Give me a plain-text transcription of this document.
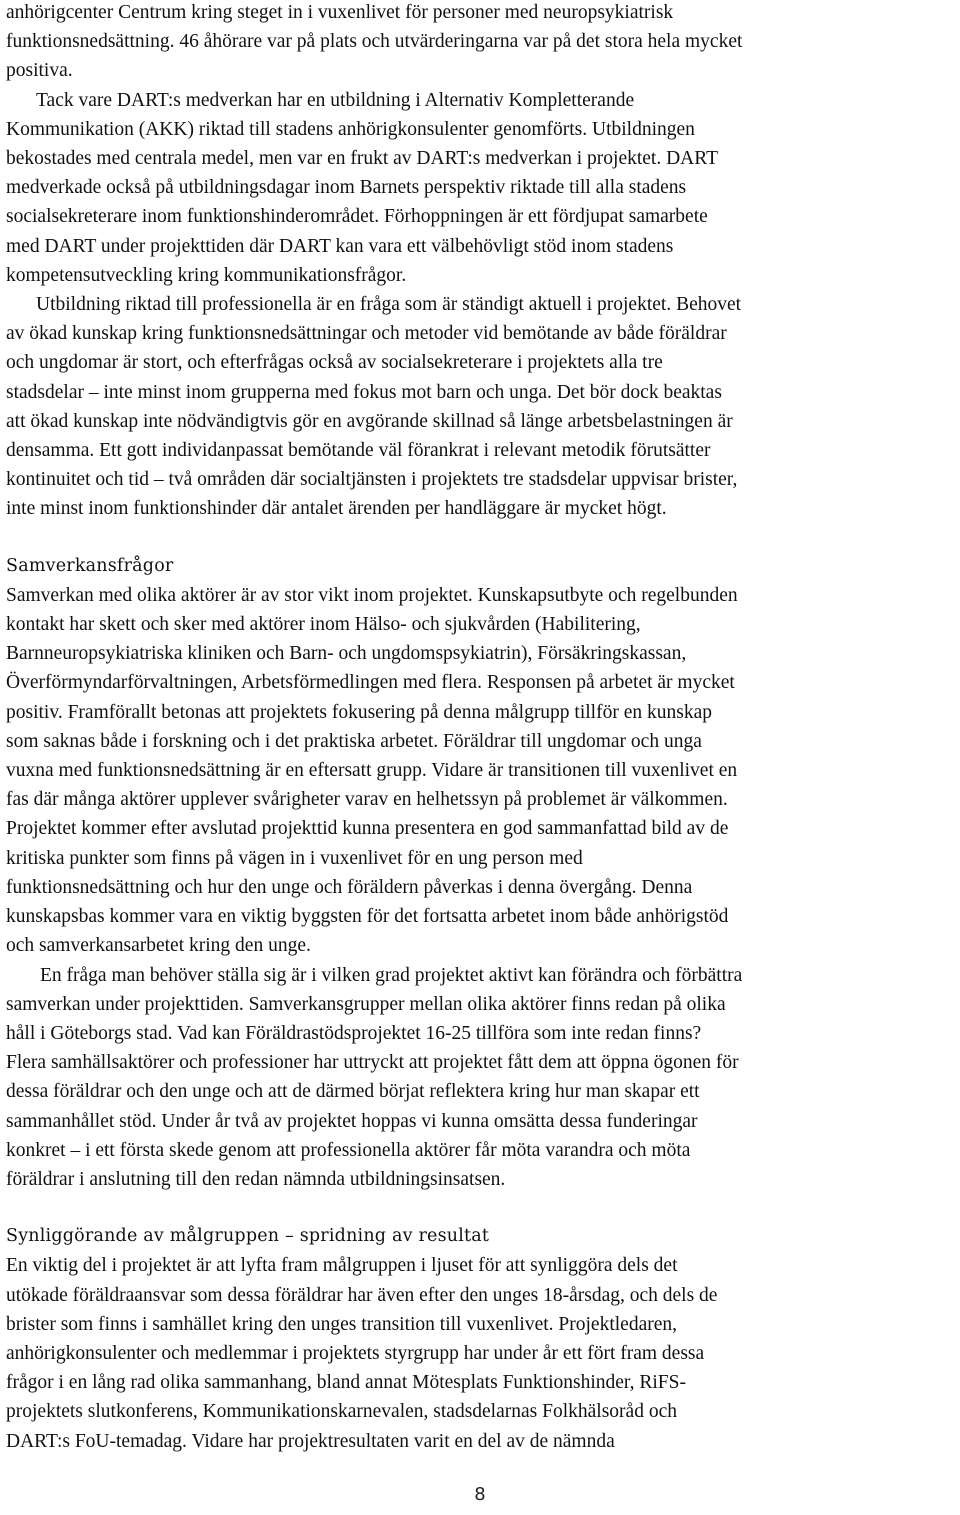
anhörigcenter Centrum kring steget in i vuxenlivet för personer med neuropsykiatrisk
funktionsnedsättning. 46 åhörare var på plats och utvärderingarna var på det stora hela mycket
positiva.

Tack vare DART:s medverkan har en utbildning i Alternativ Kompletterande
Kommunikation (AKK) riktad till stadens anhörigkonsulenter genomförts. Utbildningen
bekostades med centrala medel, men var en frukt av DART:s medverkan i projektet. DART
medverkade också på utbildningsdagar inom Barnets perspektiv riktade till alla stadens
socialsekreterare inom funktionshinderområdet. Förhoppningen är ett fördjupat samarbete
med DART under projekttiden där DART kan vara ett välbehövligt stöd inom stadens
kompetensutveckling kring kommunikationsfrågor.

Utbildning riktad till professionella är en fråga som är ständigt aktuell i projektet. Behovet
av ökad kunskap kring funktionsnedsättningar och metoder vid bemötande av både föräldrar
och ungdomar är stort, och efterfrågas också av socialsekreterare i projektets alla tre
stadsdelar – inte minst inom grupperna med fokus mot barn och unga. Det bör dock beaktas
att ökad kunskap inte nödvändigtvis gör en avgörande skillnad så länge arbetsbelastningen är
densamma. Ett gott individanpassat bemötande väl förankrat i relevant metodik förutsätter
kontinuitet och tid – två områden där socialtjänsten i projektets tre stadsdelar uppvisar brister,
inte minst inom funktionshinder där antalet ärenden per handläggare är mycket högt.

Samverkansfrågor

Samverkan med olika aktörer är av stor vikt inom projektet. Kunskapsutbyte och regelbunden
kontakt har skett och sker med aktörer inom Hälso- och sjukvården (Habilitering,
Barnneuropsykiatriska kliniken och Barn- och ungdomspsykiatrin), Försäkringskassan,
Överförmyndarförvaltningen, Arbetsförmedlingen med flera. Responsen på arbetet är mycket
positiv. Framförallt betonas att projektets fokusering på denna målgrupp tillför en kunskap
som saknas både i forskning och i det praktiska arbetet. Föräldrar till ungdomar och unga
vuxna med funktionsnedsättning är en eftersatt grupp. Vidare är transitionen till vuxenlivet en
fas där många aktörer upplever svårigheter varav en helhetssyn på problemet är välkommen.
Projektet kommer efter avslutad projekttid kunna presentera en god sammanfattad bild av de
kritiska punkter som finns på vägen in i vuxenlivet för en ung person med
funktionsnedsättning och hur den unge och föräldern påverkas i denna övergång. Denna
kunskapsbas kommer vara en viktig byggsten för det fortsatta arbetet inom både anhörigstöd
och samverkansarbetet kring den unge.

En fråga man behöver ställa sig är i vilken grad projektet aktivt kan förändra och förbättra
samverkan under projekttiden. Samverkansgrupper mellan olika aktörer finns redan på olika
håll i Göteborgs stad. Vad kan Föräldrastödsprojektet 16-25 tillföra som inte redan finns?
Flera samhällsaktörer och professioner har uttryckt att projektet fått dem att öppna ögonen för
dessa föräldrar och den unge och att de därmed börjat reflektera kring hur man skapar ett
sammanhållet stöd. Under år två av projektet hoppas vi kunna omsätta dessa funderingar
konkret – i ett första skede genom att professionella aktörer får möta varandra och möta
föräldrar i anslutning till den redan nämnda utbildningsinsatsen.

Synliggörande av målgruppen – spridning av resultat

En viktig del i projektet är att lyfta fram målgruppen i ljuset för att synliggöra dels det
utökade föräldraansvar som dessa föräldrar har även efter den unges 18-årsdag, och dels de
brister som finns i samhället kring den unges transition till vuxenlivet. Projektledaren,
anhörigkonsulenter och medlemmar i projektets styrgrupp har under år ett fört fram dessa
frågor i en lång rad olika sammanhang, bland annat Mötesplats Funktionshinder, RiFS-
projektets slutkonferens, Kommunikationskarnevalen, stadsdelarnas Folkhälsoråd och
DART:s FoU-temadag. Vidare har projektresultaten varit en del av de nämnda

8
